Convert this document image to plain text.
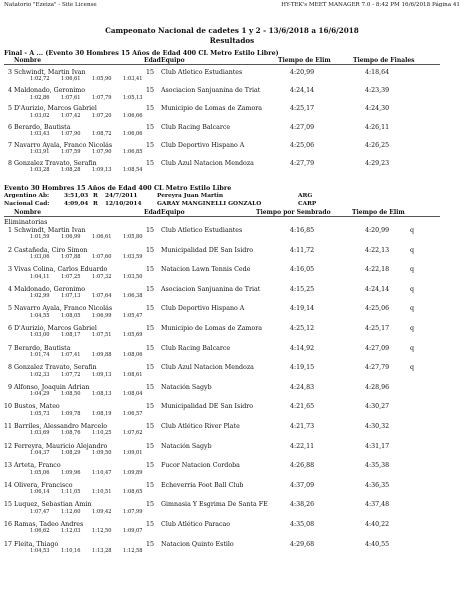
Natatorio "Ezeiza" - Site License	HY-TEK's MEET MANAGER 7.0 - 8:42 PM 16/6/2018 Página 41
Campeonato Nacional de cadetes 1 y 2 - 13/6/2018 a 16/6/2018
Resultados
Final - A ... (Evento 30 Hombres 15 Años de Edad 400 CL Metro Estilo Libre)
Nombre	Edad Equipo	Tiempo de Elim	Tiempo de Finales
3 Schwindt, Martin Ivan	15 Club Atletico Estudiantes	4:20,99	4:18,64
1:02,72 1:06,61 1:05,90 1:03,41
4 Maldonado, Geronimo	15 Asociacion Sanjuanina de Triat	4:24,14	4:23,39
1:02,86 1:07,61 1:07,79 1:05,13
5 D'Aurizio, Marcos Gabriel	15 Municipio de Lomas de Zamora	4:25,17	4:24,30
1:03,02 1:07,42 1:07,20 1:06,66
6 Berardo, Bautista	15 Club Racing Balcarce	4:27,09	4:26,11
1:03,43 1:07,90 1:08,72 1:06,06
7 Navarro Ayala, Franco Nicolás	15 Club Deportivo Hispano A	4:25,06	4:26,25
1:03,91 1:07,59 1:07,90 1:06,85
8 Gonzalez Travato, Serafin	15 Club Azul Natacion Mendoza	4:27,79	4:29,23
1:03,28 1:08,28 1:09,13 1:08,54
Evento 30 Hombres 15 Años de Edad 400 CL Metro Estilo Libre
Argentino Ab:	3:51,03 R 24/7/2011	Pereyra Juan Martin	ARG
Nacional Cad:	4:09,04 R 12/10/2014	GARAY MANGINELLI GONZALO	CARP
Nombre	Edad Equipo	Tiempo por Sembrado	Tiempo de Elim
Eliminatorias
1 Schwindt, Martin Ivan	15 Club Atletico Estudiantes	4:16,85	4:20,99	q
1:01,59 1:06,99 1:06,61 1:05,80
2 Castañeda, Ciro Simon	15 Municipalidad DE San Isidro	4:11,72	4:22,13	q
1:03,06 1:07,88 1:07,60 1:03,59
3 Vivas Colina, Carlos Eduardo	15 Natacion Lawn Tennis Cede	4:16,05	4:22,18	q
1:04,11 1:07,25 1:07,32 1:03,50
4 Maldonado, Geronimo	15 Asociacion Sanjuanina de Triat	4:15,25	4:24,14	q
1:02,99 1:07,13 1:07,64 1:06,38
5 Navarro Ayala, Franco Nicolás	15 Club Deportivo Hispano A	4:19,14	4:25,06	q
1:04,55 1:08,05 1:06,99 1:05,47
6 D'Aurizio, Marcos Gabriel	15 Municipio de Lomas de Zamora	4:25,12	4:25,17	q
1:03,00 1:08,17 1:07,51 1:05,69
7 Berardo, Bautista	15 Club Racing Balcarce	4:14,92	4:27,09	q
1:01,74 1:07,41 1:09,88 1:08,06
8 Gonzalez Travato, Serafin	15 Club Azul Natacion Mendoza	4:19,15	4:27,79	q
1:02,33 1:07,72 1:09,13 1:08,61
9 Alfonso, Joaquin Adrian	15 Natación Sagyb	4:24,83	4:28,96
1:04,29 1:08,50 1:08,13 1:08,04
10 Bustos, Mateo	15 Municipalidad DE San Isidro	4:21,65	4:30,27
1:05,73 1:09,78 1:08,19 1:06,57
11 Barriles, Alessandro Marcelo	15 Club Atlético River Plate	4:21,73	4:30,32
1:03,69 1:08,76 1:10,25 1:07,62
12 Ferreyra, Mauricio Alejandro	15 Natación Sagyb	4:22,11	4:31,17
1:04,37 1:08,29 1:09,50 1:09,01
13 Arteta, Franco	15 Fucor Natacion Cordoba	4:26,88	4:35,38
1:05,06 1:09,96 1:10,47 1:09,89
14 Olivera, Francisco	15 Echeverria Foot Ball Club	4:37,09	4:36,35
1:06,14 1:11,05 1:10,51 1:08,65
15 Luquez, Sebastian Amin	15 Gimnasia Y Esgrima De Santa FE	4:38,26	4:37,48
1:07,47 1:12,60 1:09,42 1:07,99
16 Ramas, Tadeo Andres	15 Club Atlético Paracao	4:35,08	4:40,22
1:06,62 1:12,03 1:12,50 1:09,07
17 Fleita, Thiago	15 Natacion Quinto Estilo	4:29,68	4:40,55
1:04,53 1:10,16 1:13,28 1:12,58
